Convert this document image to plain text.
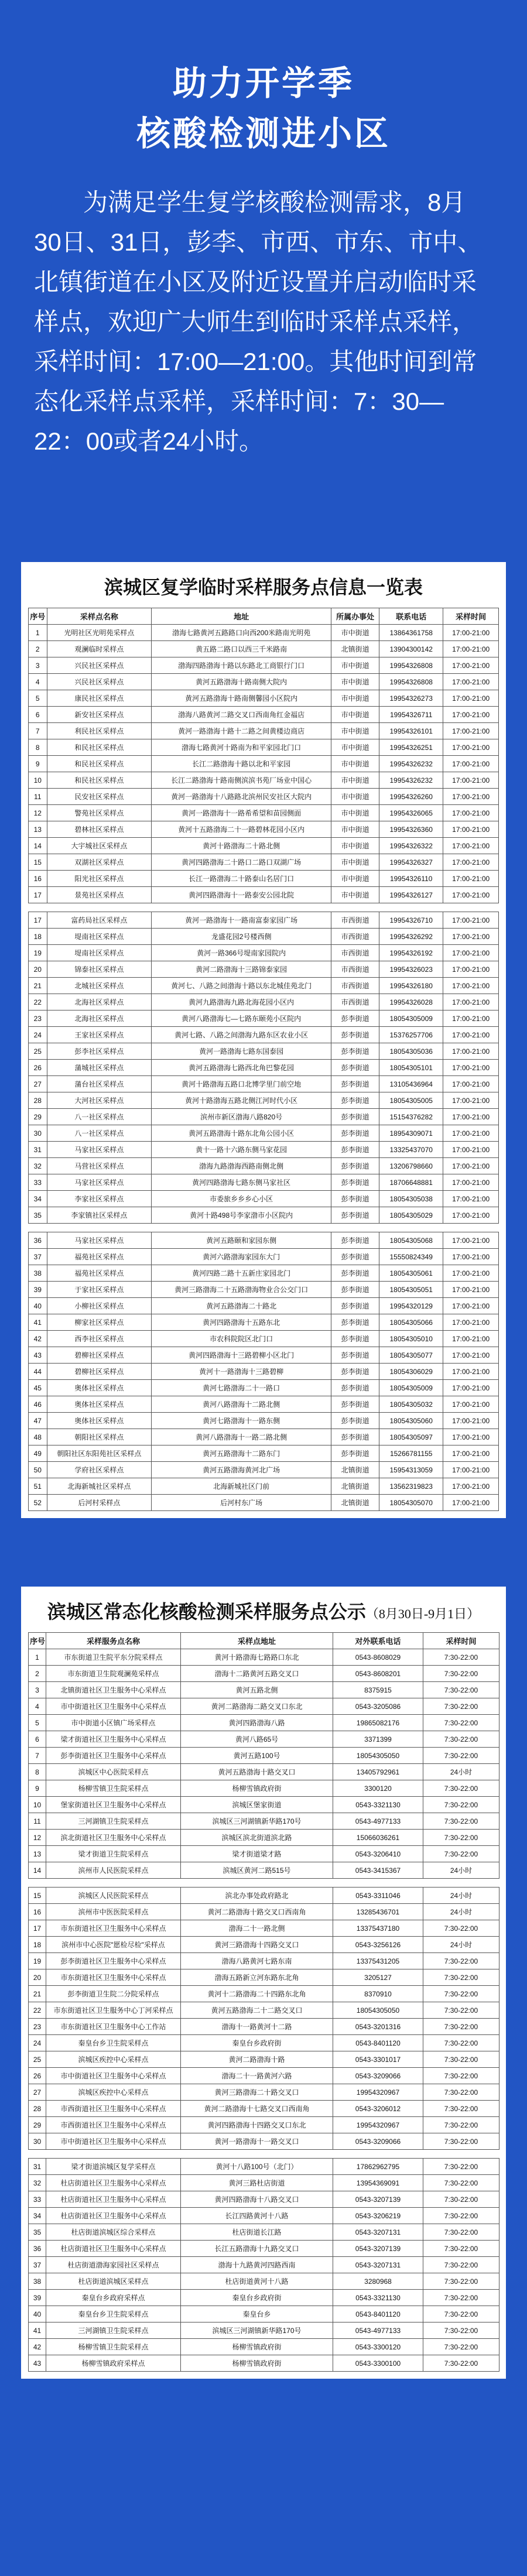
助力开学季
核酸检测进小区

为满足学生复学核酸检测需求，8月30日、31日，彭李、市西、市东、市中、北镇街道在小区及附近设置并启动临时采样点，欢迎广大师生到临时采样点采样，采样时间：17:00—21:00。其他时间到常态化采样点采样，采样时间：7：30—22：00或者24小时。

滨城区复学临时采样服务点信息一览表
序号	采样点名称	地址	所属办事处	联系电话	采样时间
1	光明社区光明苑采样点	渤海七路黄河五路路口向西200米路南光明苑	市中街道	13864361758	17:00-21:00
2	观澜临时采样点	黄五路二路口以西三千米路南	北镇街道	13904300142	17:00-21:00
3	兴民社区采样点	渤海四路渤海十路以东路北工商银行门口	市中街道	19954326808	17:00-21:00
4	兴民社区采样点	黄河五路渤海十路南侧大院内	市中街道	19954326808	17:00-21:00
5	康民社区采样点	黄河五路渤海十路南侧馨园小区院内	市中街道	19954326273	17:00-21:00
6	新安社区采样点	渤海八路黄河二路交叉口西南角红金福店	市中街道	19954326711	17:00-21:00
7	利民社区采样点	黄河一路渤海十路十二路之间黄楼边商店	市中街道	19954326101	17:00-21:00
8	和民社区采样点	渤海七路黄河十路南为和平家园北门口	市中街道	19954326251	17:00-21:00
9	和民社区采样点	长江二路渤海十路以北和平家园	市中街道	19954326232	17:00-21:00
10	和民社区采样点	长江二路渤海十路南侧滨滨书苑厂场业中国心	市中街道	19954326232	17:00-21:00
11	民安社区采样点	黄河一路渤海十八路路北滨州民安社区大院内	市中街道	19954326260	17:00-21:00
12	警苑社区采样点	黄河一路渤海十一路希希望和苗园侧面	市中街道	19954326065	17:00-21:00
13	碧林社区采样点	黄河十五路渤海二十一路碧林花园小区内	市中街道	19954326360	17:00-21:00
14	大宇城社区采样点	黄河十路渤海二十路北侧	市中街道	19954326322	17:00-21:00
15	双湖社区采样点	黄河四路渤海二十路口二路口双湖广场	市中街道	19954326327	17:00-21:00
16	阳光社区采样点	长江一路渤海二十路泰山名居门口	市中街道	19954326110	17:00-21:00
17	景苑社区采样点	黄河四路渤海十一路泰安公园北院	市中街道	19954326127	17:00-21:00
17	富药局社区采样点	黄河一路渤海十一路南富泰家园广场	市西街道	19954326710	17:00-21:00
18	堤南社区采样点	龙盛花园2号楼西侧	市西街道	19954326292	17:00-21:00
19	堤南社区采样点	黄河一路366号堤南家园院内	市西街道	19954326192	17:00-21:00
20	锦泰社区采样点	黄河二路渤海十三路锦泰家园	市西街道	19954326023	17:00-21:00
21	北城社区采样点	黄河七、八路之间渤海十路以东北城佳苑北门	市西街道	19954326180	17:00-21:00
22	北海社区采样点	黄河九路渤海九路北海花园小区内	市西街道	19954326028	17:00-21:00
23	北海社区采样点	黄河八路渤海七—七路东颐苑小区院内	彭李街道	18054305009	17:00-21:00
24	王家社区采样点	黄河七路、八路之间渤海九路东区农业小区	彭李街道	15376257706	17:00-21:00
25	彭李社区采样点	黄河一路渤海七路东国泰园	彭李街道	18054305036	17:00-21:00
26	蒲城社区采样点	黄河五路渤海七路西北角巴黎花园	彭李街道	18054305101	17:00-21:00
27	蒲台社区采样点	黄河十路渤海五路口北博学里门前空地	彭李街道	13105436964	17:00-21:00
28	大河社区采样点	黄河十路渤海五路北侧江河时代小区	彭李街道	18054305005	17:00-21:00
29	八一社区采样点	滨州市新区渤海八路820号	彭李街道	15154376282	17:00-21:00
30	八一社区采样点	黄河五路渤海十路东北角公园小区	彭李街道	18954309071	17:00-21:00
31	马家社区采样点	黄十一路十六路东侧马家花园	彭李街道	13325437070	17:00-21:00
32	马营社区采样点	渤海九路渤海西路南侧北侧	彭李街道	13206798660	17:00-21:00
33	马家社区采样点	黄河四路渤海七路东侧马家社区	彭李街道	18706648881	17:00-21:00
34	李家社区采样点	市委旅乡乡乡心小区	彭李街道	18054305038	17:00-21:00
35	李家镇社区采样点	黄河十路498号李家渤市小区院内	彭李街道	18054305029	17:00-21:00
36	马家社区采样点	黄河五路颐和家园东侧	彭李街道	18054305068	17:00-21:00
37	福苑社区采样点	黄河六路渤海家园东大门	彭李街道	15550824349	17:00-21:00
38	福苑社区采样点	黄河四路二路十五新庄家园北门	彭李街道	18054305061	17:00-21:00
39	于家社区采样点	黄河三路渤海二十五路渤海物业合公交门口	彭李街道	18054305051	17:00-21:00
40	小柳社区采样点	黄河五路渤海二十路北	彭李街道	19954320129	17:00-21:00
41	柳家社区采样点	黄河四路渤海十五路东北	彭李街道	18054305066	17:00-21:00
42	西李社区采样点	市农科院院区北门口	彭李街道	18054305010	17:00-21:00
43	碧柳社区采样点	黄河四路渤海十三路碧柳小区北门	彭李街道	18054305077	17:00-21:00
44	碧柳社区采样点	黄河十一路渤海十三路碧柳	彭李街道	18054306029	17:00-21:00
45	奥体社区采样点	黄河七路渤海二十一路口	彭李街道	18054305009	17:00-21:00
46	奥体社区采样点	黄河八路渤海十二路北侧	彭李街道	18054305032	17:00-21:00
47	奥体社区采样点	黄河七路渤海十一路东侧	彭李街道	18054305060	17:00-21:00
48	朝阳社区采样点	黄河八路渤海十一路二路北侧	彭李街道	18054305097	17:00-21:00
49	朝阳社区东阳苑社区采样点	黄河五路渤海十二路东门	彭李街道	15266781155	17:00-21:00
50	学府社区采样点	黄河五路渤海黄河北广场	北镇街道	15954313059	17:00-21:00
51	北海新城社区采样点	北海新城社区门前	北镇街道	13562319823	17:00-21:00
52	后河村采样点	后河村东广场	北镇街道	18054305070	17:00-21:00
滨城区常态化核酸检测采样服务点公示（8月30日-9月1日）
序号	采样服务点名称	采样点地址	对外联系电话	采样时间
1	市东街道卫生院平东分院采样点	黄河十路渤海七路路口东北	0543-8608029	7:30-22:00
2	市东街道卫生院观澜苑采样点	渤海十二路黄河五路交叉口	0543-8608201	7:30-22:00
3	北镇街道社区卫生服务中心采样点	黄河五路北侧	8375915	7:30-22:00
4	市中街道社区卫生服务中心采样点	黄河二路渤海二路交叉口东北	0543-3205086	7:30-22:00
5	市中街道小区镇广场采样点	黄河四路渤海八路	19865082176	7:30-22:00
6	梁才街道社区卫生服务中心采样点	黄河八路65号	3371399	7:30-22:00
7	彭李街道社区卫生服务中心采样点	黄河五路100号	18054305050	7:30-22:00
8	滨城区中心医院采样点	黄河五路渤海十路交叉口	13405792961	24小时
9	杨柳雪镇卫生院采样点	杨柳雪镇政府街	3300120	7:30-22:00
10	堡家街道社区卫生服务中心采样点	滨城区堡家街道	0543-3321130	7:30-22:00
11	三河湖镇卫生院采样点	滨城区三河湖镇新华路170号	0543-4977133	7:30-22:00
12	滨北街道社区卫生服务中心采样点	滨城区滨北街道滨北路	15066036261	7:30-22:00
13	梁才街道卫生院采样点	梁才街道梁才路	0543-3206410	7:30-22:00
14	滨州市人民医院采样点	滨城区黄河二路515号	0543-3415367	24小时
15	滨城区人民医院采样点	滨北办事处政府路北	0543-3311046	24小时
16	滨州市中医医院采样点	黄河二路渤海十路交叉口西南角	13285436701	24小时
17	市东街道社区卫生服务中心采样点	渤海二十一路北侧	13375437180	7:30-22:00
18	滨州市中心医院"愿检尽检"采样点	黄河三路渤海十四路交叉口	0543-3256126	24小时
19	彭李街道社区卫生服务中心采样点	渤海八路黄河七路东南	13375431205	7:30-22:00
20	市东街道社区卫生服务中心采样点	渤海五路新立河东路东北角	3205127	7:30-22:00
21	彭李街道卫生院二分院采样点	黄河十二路渤海二十四路东北角	8370910	7:30-22:00
22	市东街道社区卫生服务中心丁河采样点	黄河五路渤海二十二路交叉口	18054305050	7:30-22:00
23	市东街道社区卫生服务中心工作站	渤海十一路黄河十二路	0543-3201316	7:30-22:00
24	秦皇台乡卫生院采样点	秦皇台乡政府街	0543-8401120	7:30-22:00
25	滨城区疾控中心采样点	黄河二路渤海十路	0543-3301017	7:30-22:00
26	市中街道社区卫生服务中心采样点	渤海二十一路黄河六路	0543-3209066	7:30-22:00
27	滨城区疾控中心采样点	黄河三路渤海二十路交叉口	19954320967	7:30-22:00
28	市西街道社区卫生服务中心采样点	黄河二路渤海十七路交叉口西南角	0543-3206012	7:30-22:00
29	市西街道社区卫生服务中心采样点	黄河四路渤海十四路交叉口东北	19954320967	7:30-22:00
30	市中街道社区卫生服务中心采样点	黄河一路渤海十一路交叉口	0543-3209066	7:30-22:00
31	梁才街道滨城区复学采样点	黄河十八路100号（北门）	17862962795	7:30-22:00
32	杜店街道社区卫生服务中心采样点	黄河三路杜店街道	13954369091	7:30-22:00
33	杜店街道社区卫生服务中心采样点	黄河四路渤海十八路交叉口	0543-3207139	7:30-22:00
34	杜店街道社区卫生服务中心采样点	长江四路黄河十八路	0543-3206219	7:30-22:00
35	杜店街道滨城区综合采样点	杜店街道长江路	0543-3207131	7:30-22:00
36	杜店街道社区卫生服务中心采样点	长江五路渤海十九路交叉口	0543-3207139	7:30-22:00
37	杜店街道渤海家园社区采样点	渤海十九路黄河四路西南	0543-3207131	7:30-22:00
38	杜店街道滨城区采样点	杜店街道黄河十八路	3280968	7:30-22:00
39	秦皇台乡政府采样点	秦皇台乡政府街	0543-3321130	7:30-22:00
40	秦皇台乡卫生院采样点	秦皇台乡	0543-8401120	7:30-22:00
41	三河湖镇卫生院采样点	滨城区三河湖镇新华路170号	0543-4977133	7:30-22:00
42	杨柳雪镇卫生院采样点	杨柳雪镇政府街	0543-3300120	7:30-22:00
43	杨柳雪镇政府采样点	杨柳雪镇政府街	0543-3300100	7:30-22:00
